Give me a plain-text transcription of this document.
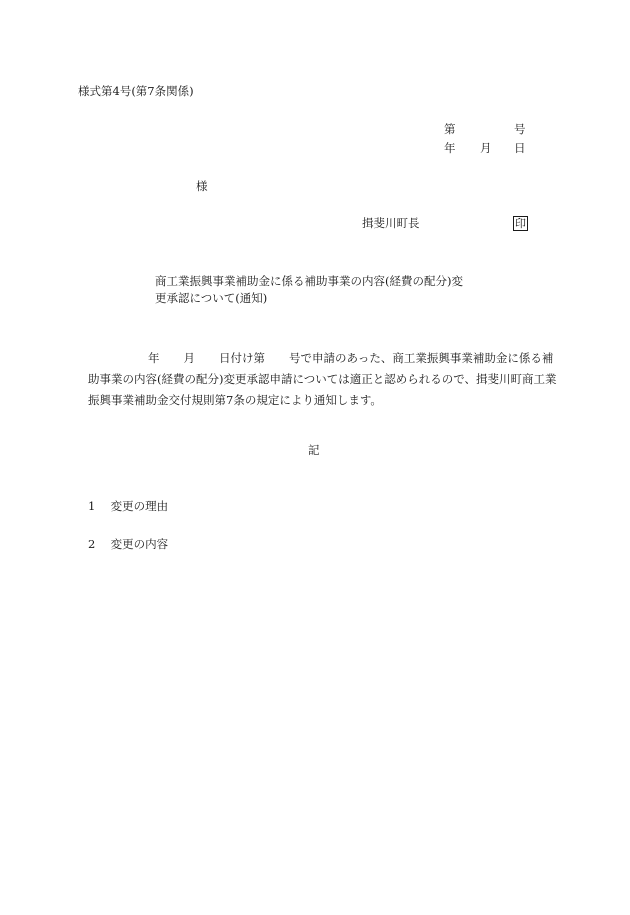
様式第4号(第7条関係)
第	号
年 月 日
様
揖斐川町長	印
商工業振興事業補助金に係る補助事業の内容(経費の配分)変
更承認について(通知)
年 月 日付け第 号で申請のあった、商工業振興事業補助金に係る補助事業の内容(経費の配分)変更承認申請については適正と認められるので、揖斐川町商工業振興事業補助金交付規則第7条の規定により通知します。
記
1 変更の理由
2 変更の内容
